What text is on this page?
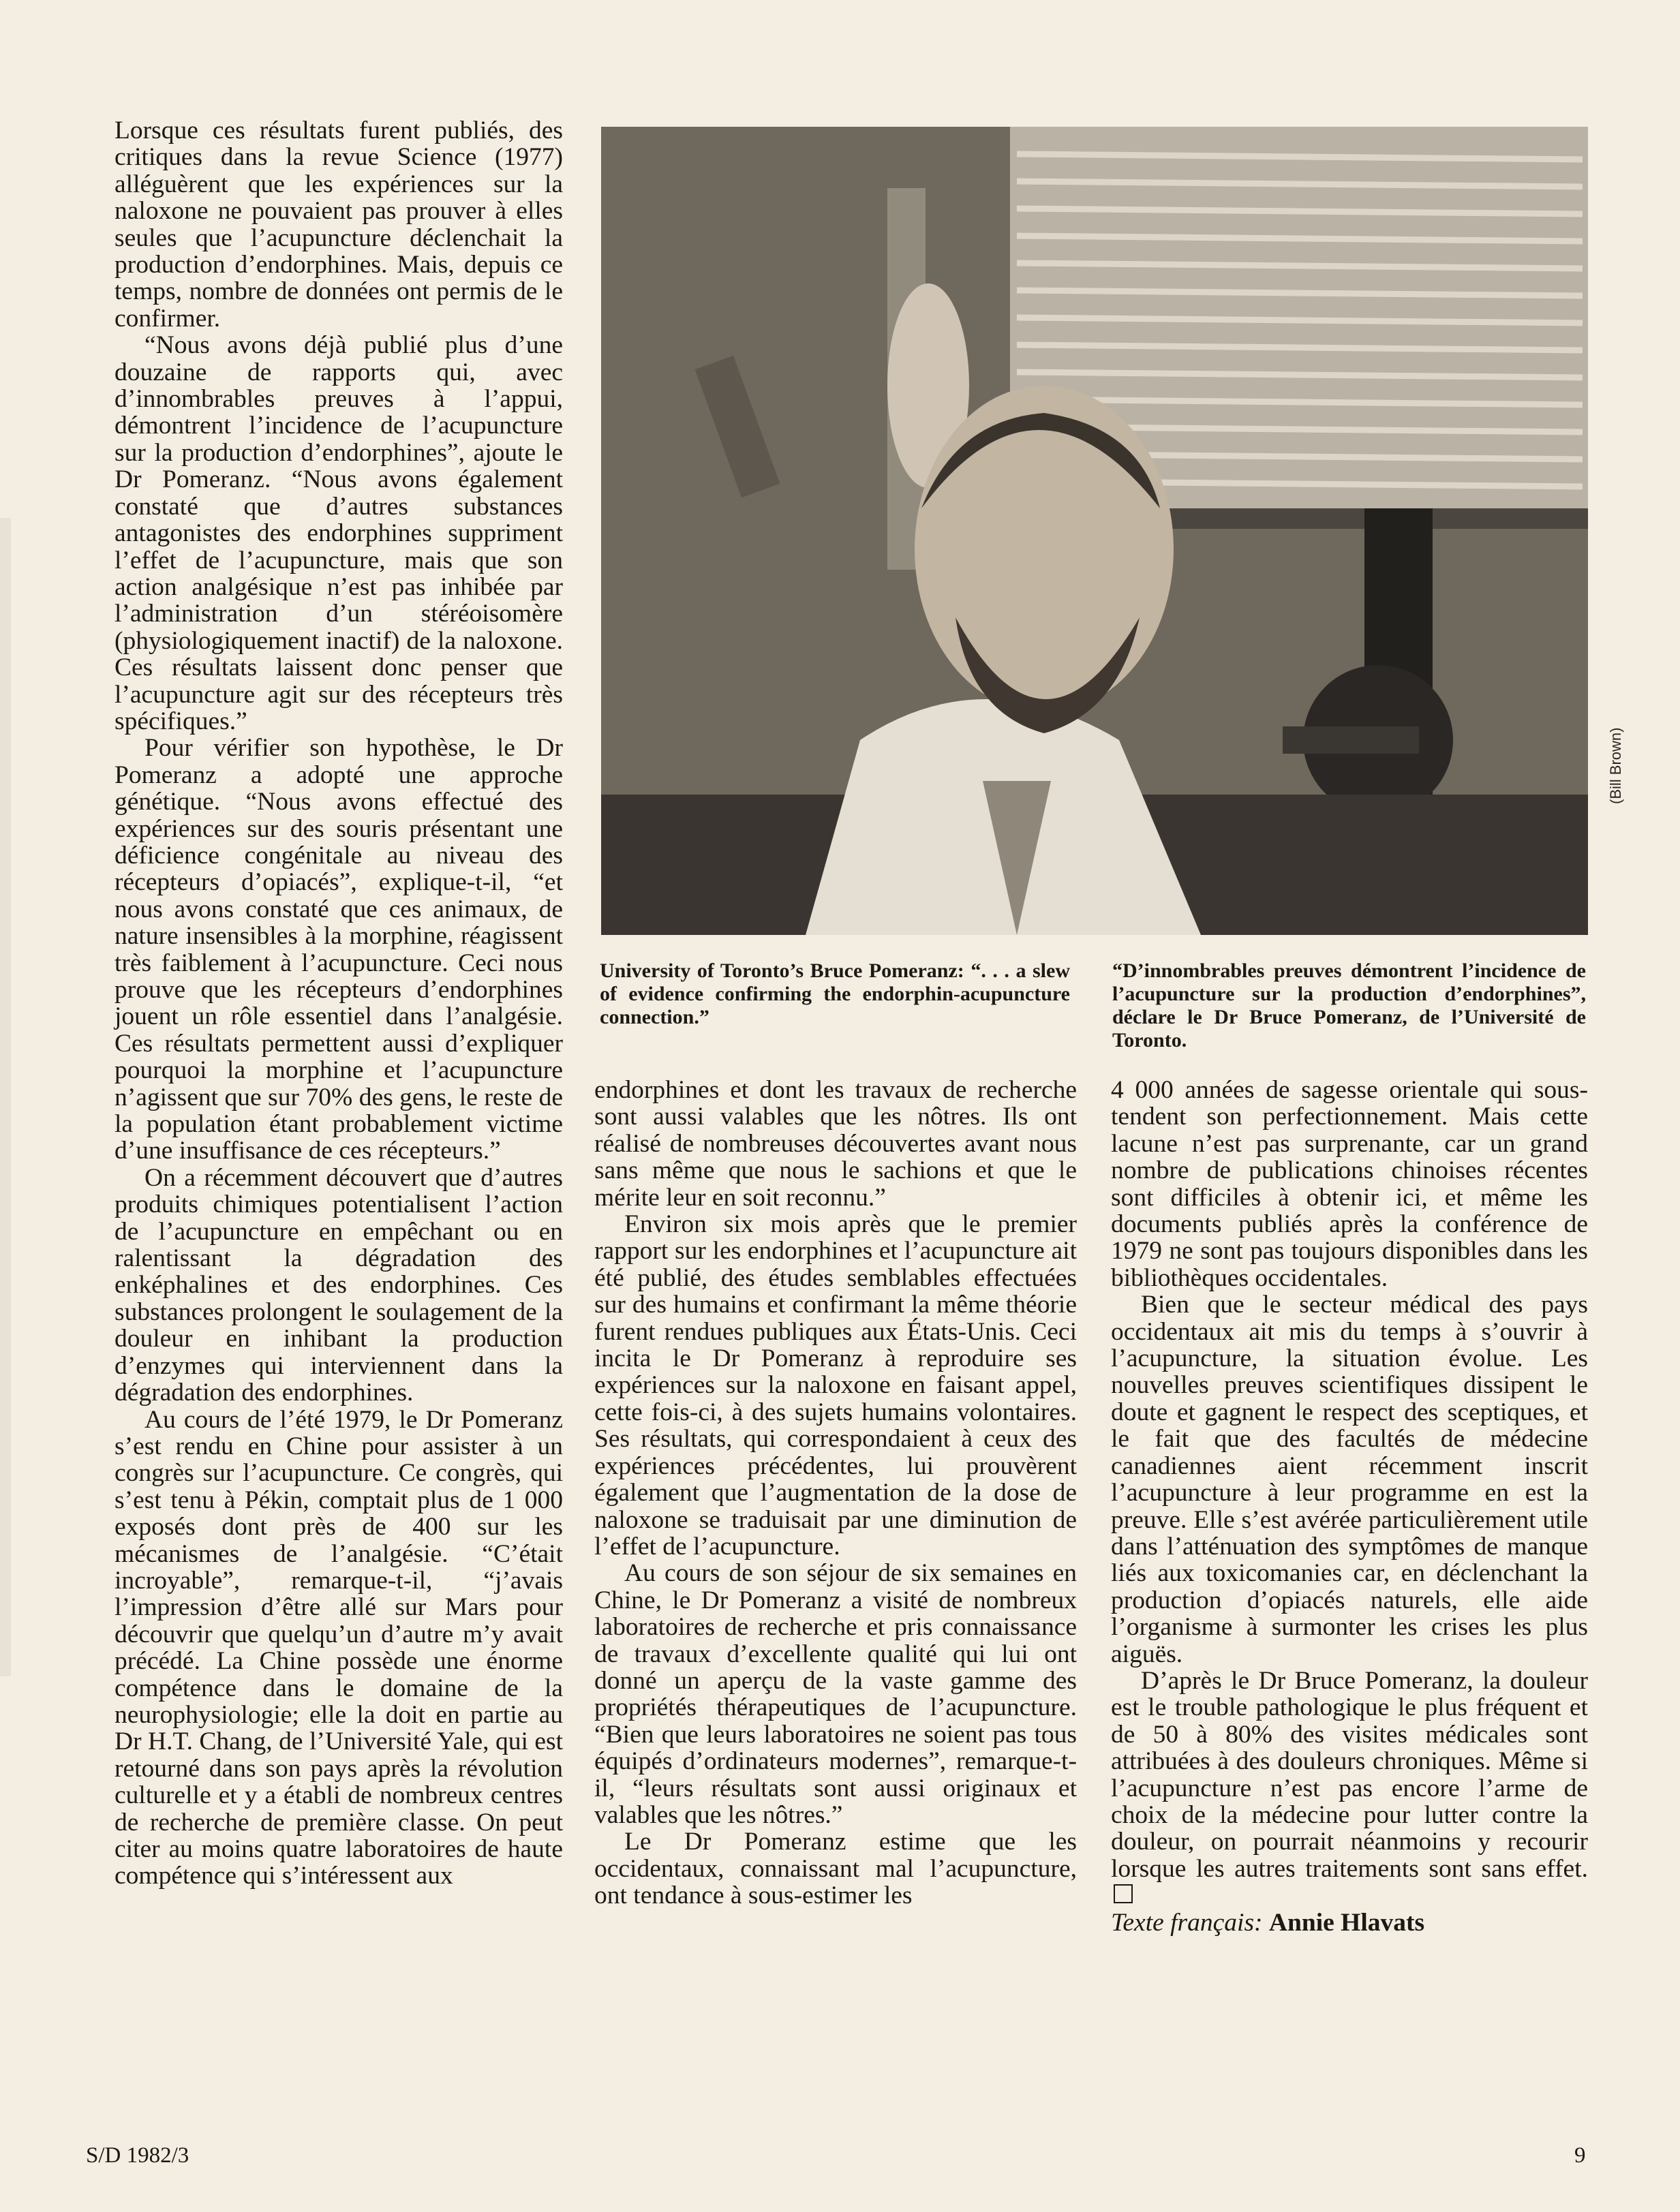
Lorsque ces résultats furent publiés, des critiques dans la revue Science (1977) alléguèrent que les expériences sur la naloxone ne pouvaient pas prouver à elles seules que l’acupuncture déclenchait la production d’endorphines. Mais, depuis ce temps, nombre de données ont permis de le confirmer.

“Nous avons déjà publié plus d’une douzaine de rapports qui, avec d’innombrables preuves à l’appui, démontrent l’incidence de l’acupuncture sur la production d’endorphines”, ajoute le Dr Pomeranz. “Nous avons également constaté que d’autres substances antagonistes des endorphines suppriment l’effet de l’acupuncture, mais que son action analgésique n’est pas inhibée par l’administration d’un stéréoisomère (physiologiquement inactif) de la naloxone. Ces résultats laissent donc penser que l’acupuncture agit sur des récepteurs très spécifiques.”

Pour vérifier son hypothèse, le Dr Pomeranz a adopté une approche génétique. “Nous avons effectué des expériences sur des souris présentant une déficience congénitale au niveau des récepteurs d’opiacés”, explique-t-il, “et nous avons constaté que ces animaux, de nature insensibles à la morphine, réagissent très faiblement à l’acupuncture. Ceci nous prouve que les récepteurs d’endorphines jouent un rôle essentiel dans l’analgésie. Ces résultats permettent aussi d’expliquer pourquoi la morphine et l’acupuncture n’agissent que sur 70% des gens, le reste de la population étant probablement victime d’une insuffisance de ces récepteurs.”

On a récemment découvert que d’autres produits chimiques potentialisent l’action de l’acupuncture en empêchant ou en ralentissant la dégradation des enképhalines et des endorphines. Ces substances prolongent le soulagement de la douleur en inhibant la production d’enzymes qui interviennent dans la dégradation des endorphines.

Au cours de l’été 1979, le Dr Pomeranz s’est rendu en Chine pour assister à un congrès sur l’acupuncture. Ce congrès, qui s’est tenu à Pékin, comptait plus de 1 000 exposés dont près de 400 sur les mécanismes de l’analgésie. “C’était incroyable”, remarque-t-il, “j’avais l’impression d’être allé sur Mars pour découvrir que quelqu’un d’autre m’y avait précédé. La Chine possède une énorme compétence dans le domaine de la neurophysiologie; elle la doit en partie au Dr H.T. Chang, de l’Université Yale, qui est retourné dans son pays après la révolution culturelle et y a établi de nombreux centres de recherche de première classe. On peut citer au moins quatre laboratoires de haute compétence qui s’intéressent aux

(Bill Brown)
University of Toronto’s Bruce Pomeranz: “. . . a slew of evidence confirming the endorphin-acupuncture connection.”
“D’innombrables preuves démontrent l’incidence de l’acupuncture sur la production d’endorphines”, déclare le Dr Bruce Pomeranz, de l’Université de Toronto.

endorphines et dont les travaux de recherche sont aussi valables que les nôtres. Ils ont réalisé de nombreuses découvertes avant nous sans même que nous le sachions et que le mérite leur en soit reconnu.”

Environ six mois après que le premier rapport sur les endorphines et l’acupuncture ait été publié, des études semblables effectuées sur des humains et confirmant la même théorie furent rendues publiques aux États-Unis. Ceci incita le Dr Pomeranz à reproduire ses expériences sur la naloxone en faisant appel, cette fois-ci, à des sujets humains volontaires. Ses résultats, qui correspondaient à ceux des expériences précédentes, lui prouvèrent également que l’augmentation de la dose de naloxone se traduisait par une diminution de l’effet de l’acupuncture.

Au cours de son séjour de six semaines en Chine, le Dr Pomeranz a visité de nombreux laboratoires de recherche et pris connaissance de travaux d’excellente qualité qui lui ont donné un aperçu de la vaste gamme des propriétés thérapeutiques de l’acupuncture. “Bien que leurs laboratoires ne soient pas tous équipés d’ordinateurs modernes”, remarque-t-il, “leurs résultats sont aussi originaux et valables que les nôtres.”

Le Dr Pomeranz estime que les occidentaux, connaissant mal l’acupuncture, ont tendance à sous-estimer les

4 000 années de sagesse orientale qui sous-tendent son perfectionnement. Mais cette lacune n’est pas surprenante, car un grand nombre de publications chinoises récentes sont difficiles à obtenir ici, et même les documents publiés après la conférence de 1979 ne sont pas toujours disponibles dans les bibliothèques occidentales.

Bien que le secteur médical des pays occidentaux ait mis du temps à s’ouvrir à l’acupuncture, la situation évolue. Les nouvelles preuves scientifiques dissipent le doute et gagnent le respect des sceptiques, et le fait que des facultés de médecine canadiennes aient récemment inscrit l’acupuncture à leur programme en est la preuve. Elle s’est avérée particulièrement utile dans l’atténuation des symptômes de manque liés aux toxicomanies car, en déclenchant la production d’opiacés naturels, elle aide l’organisme à surmonter les crises les plus aiguës.

D’après le Dr Bruce Pomeranz, la douleur est le trouble pathologique le plus fréquent et de 50 à 80% des visites médicales sont attribuées à des douleurs chroniques. Même si l’acupuncture n’est pas encore l’arme de choix de la médecine pour lutter contre la douleur, on pourrait néanmoins y recourir lorsque les autres traitements sont sans effet.

Texte français: Annie Hlavats

S/D 1982/3	9
